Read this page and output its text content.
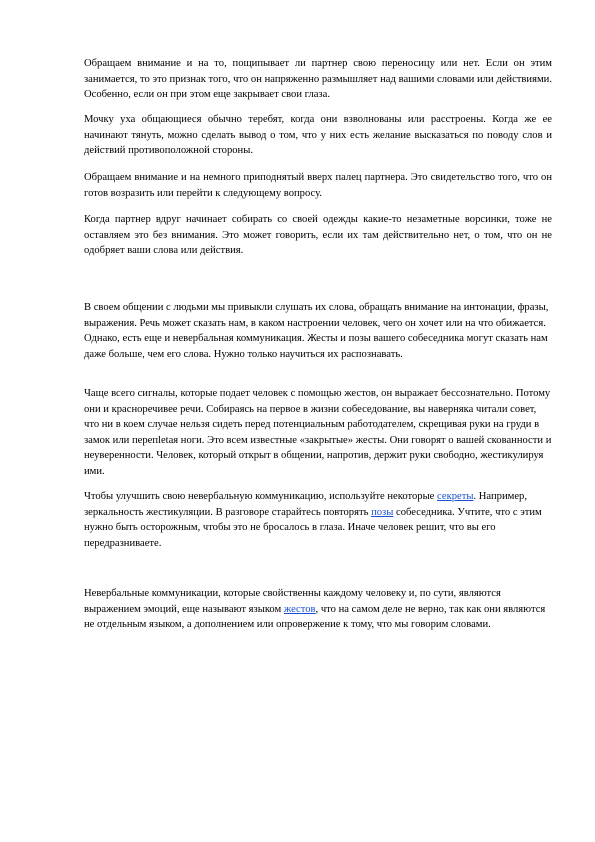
Обращаем внимание и на то, пощипывает ли партнер свою переносицу или нет. Если он этим занимается, то это признак того, что он напряженно размышляет над вашими словами или действиями. Особенно, если он при этом еще закрывает свои глаза.

Мочку уха общающиеся обычно теребят, когда они взволнованы или расстроены. Когда же ее начинают тянуть, можно сделать вывод о том, что у них есть желание высказаться по поводу слов и действий противоположной стороны.

Обращаем внимание и на немного приподнятый вверх палец партнера. Это свидетельство того, что он готов возразить или перейти к следующему вопросу.

Когда партнер вдруг начинает собирать со своей одежды какие-то незаметные ворсинки, тоже не оставляем это без внимания. Это может говорить, если их там действительно нет, о том, что он не одобряет ваши слова или действия.

В своем общении с людьми мы привыкли слушать их слова, обращать внимание на интонации, фразы, выражения. Речь может сказать нам, в каком настроении человек, чего он хочет или на что обижается. Однако, есть еще и невербальная коммуникация. Жесты и позы вашего собеседника могут сказать нам даже больше, чем его слова. Нужно только научиться их распознавать.

Чаще всего сигналы, которые подает человек с помощью жестов, он выражает бессознательно. Потому они и красноречивее речи. Собираясь на первое в жизни собеседование, вы наверняка читали совет, что ни в коем случае нельзя сидеть перед потенциальным работодателем, скрещивая руки на груди в замок или перепletая ноги. Это всем известные «закрытые» жесты. Они говорят о вашей скованности и неуверенности. Человек, который открыт в общении, напротив, держит руки свободно, жестикулируя ими.

Чтобы улучшить свою невербальную коммуникацию, используйте некоторые секреты. Например, зеркальность жестикуляции. В разговоре старайтесь повторять позы собеседника. Учтите, что с этим нужно быть осторожным, чтобы это не бросалось в глаза. Иначе человек решит, что вы его передразниваете.

Невербальные коммуникации, которые свойственны каждому человеку и, по сути, являются выражением эмоций, еще называют языком жестов, что на самом деле не верно, так как они являются не отдельным языком, а дополнением или опровержение к тому, что мы говорим словами.
